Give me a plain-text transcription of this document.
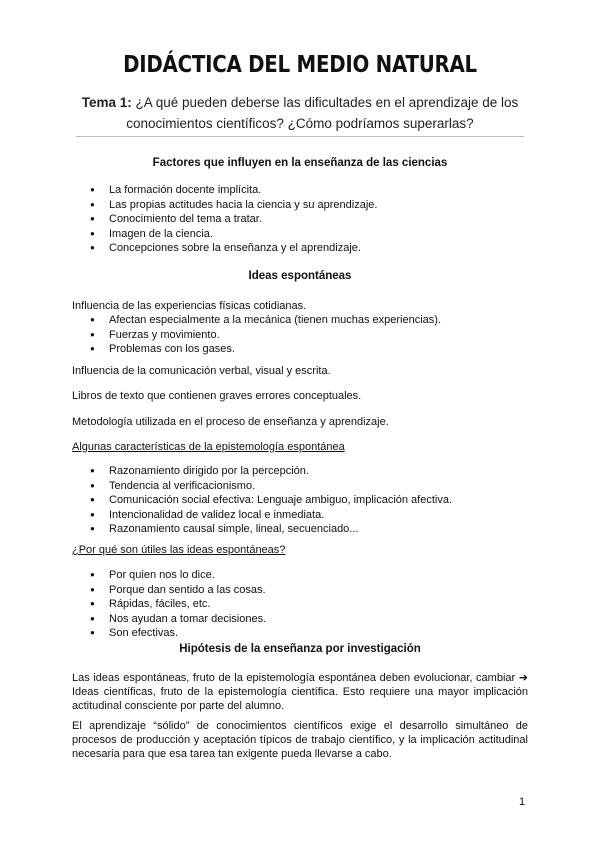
DIDÁCTICA DEL MEDIO NATURAL
Tema 1: ¿A qué pueden deberse las dificultades en el aprendizaje de los
conocimientos científicos? ¿Cómo podríamos superarlas?
Factores que influyen en la enseñanza de las ciencias
● La formación docente implícita.
● Las propias actitudes hacia la ciencia y su aprendizaje.
● Conocimiento del tema a tratar.
● Imagen de la ciencia.
● Concepciones sobre la enseñanza y el aprendizaje.
Ideas espontáneas
Influencia de las experiencias físicas cotidianas.
● Afectan especialmente a la mecánica (tienen muchas experiencias).
● Fuerzas y movimiento.
● Problemas con los gases.
Influencia de la comunicación verbal, visual y escrita.
Libros de texto que contienen graves errores conceptuales.
Metodología utilizada en el proceso de enseñanza y aprendizaje.
Algunas características de la epistemología espontánea
● Razonamiento dirigido por la percepción.
● Tendencia al verificacionismo.
● Comunicación social efectiva: Lenguaje ambiguo, implicación afectiva.
● Intencionalidad de validez local e inmediata.
● Razonamiento causal simple, lineal, secuenciado...
¿Por qué son útiles las ideas espontáneas?
● Por quien nos lo dice.
● Porque dan sentido a las cosas.
● Rápidas, fáciles, etc.
● Nos ayudan a tomar decisiones.
● Son efectivas.
Hipótesis de la enseñanza por investigación
Las ideas espontáneas, fruto de la epistemología espontánea deben evolucionar, cambiar ➜ Ideas científicas, fruto de la epistemología científica. Esto requiere una mayor implicación actitudinal consciente por parte del alumno.
El aprendizaje “sólido” de conocimientos científicos exige el desarrollo simultáneo de procesos de producción y aceptación típicos de trabajo científico, y la implicación actitudinal necesaria para que esa tarea tan exigente pueda llevarse a cabo.
1
